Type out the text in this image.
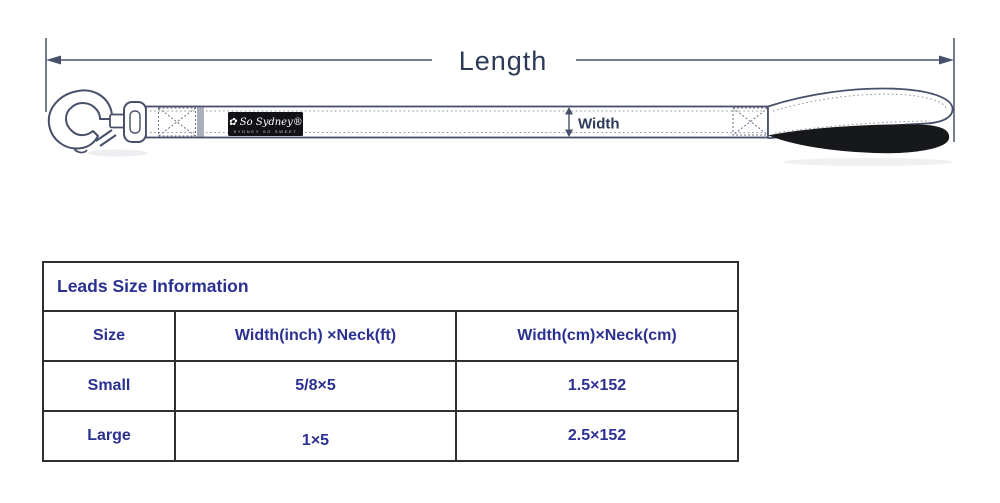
Length
✿ So Sydney®
SYDNEY SO SWEET	Width
Leads Size Information		
Size	Width(inch) ×Neck(ft)	Width(cm)×Neck(cm)
Small	5/8×5	1.5×152
Large	1×5	2.5×152
